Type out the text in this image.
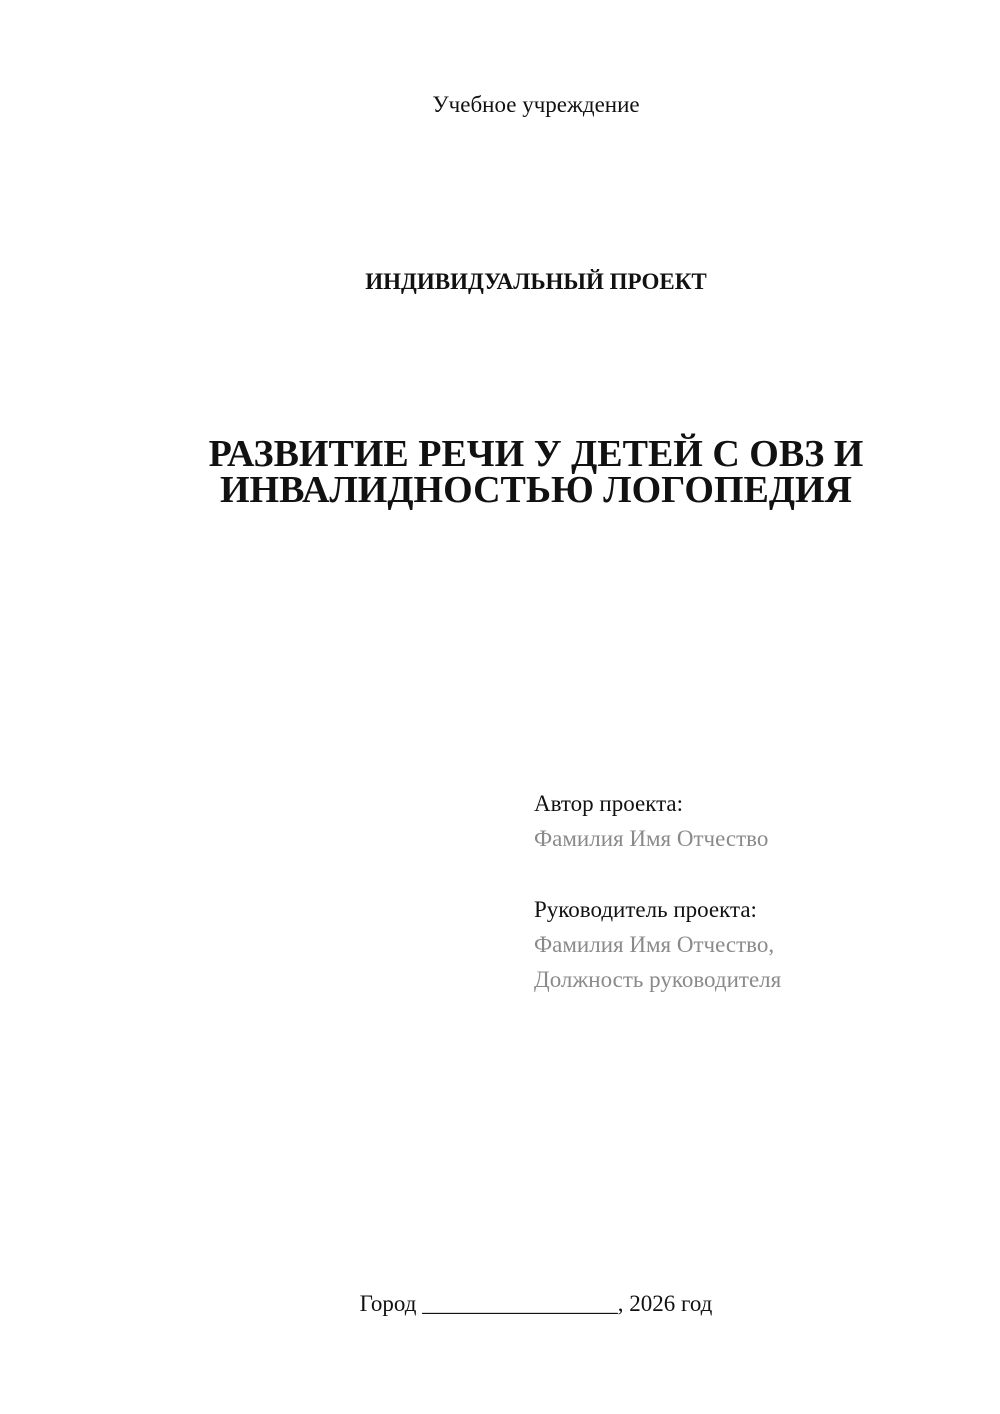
Учебное учреждение
ИНДИВИДУАЛЬНЫЙ ПРОЕКТ
РАЗВИТИЕ РЕЧИ У ДЕТЕЙ С ОВЗ И
ИНВАЛИДНОСТЬЮ ЛОГОПЕДИЯ
Автор проекта:
Фамилия Имя Отчество
Руководитель проекта:
Фамилия Имя Отчество,
Должность руководителя
Город _________________, 2026 год
